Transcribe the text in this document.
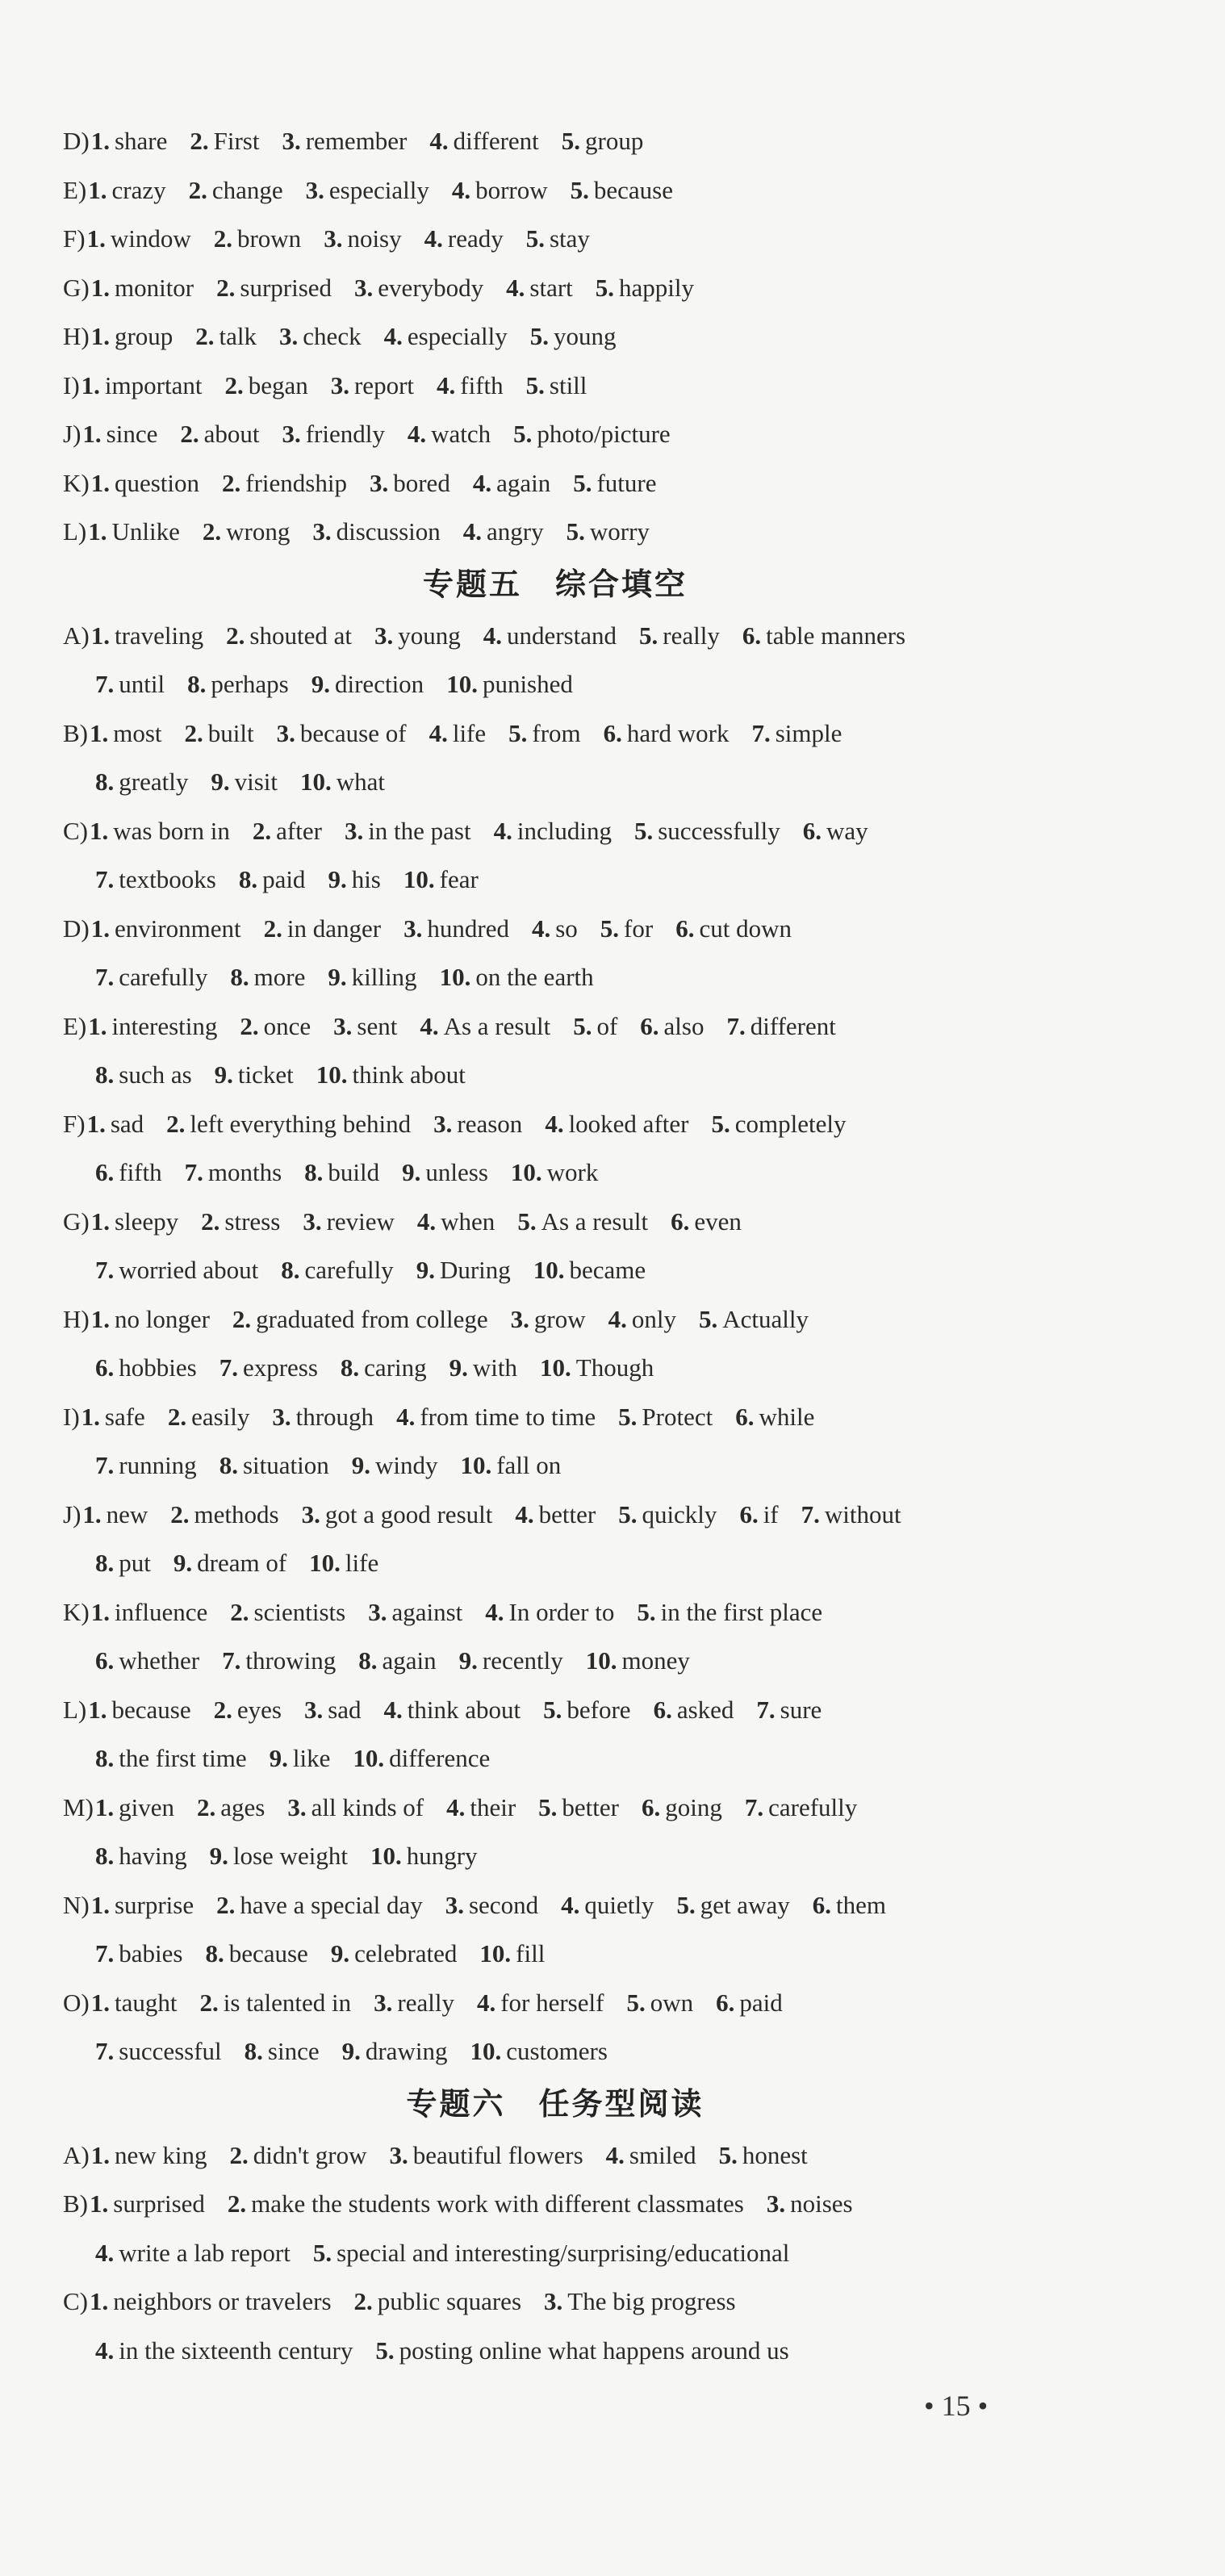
D)1. share 2. First 3. remember 4. different 5. group
E)1. crazy 2. change 3. especially 4. borrow 5. because
F)1. window 2. brown 3. noisy 4. ready 5. stay
G)1. monitor 2. surprised 3. everybody 4. start 5. happily
H)1. group 2. talk 3. check 4. especially 5. young
I)1. important 2. began 3. report 4. fifth 5. still
J)1. since 2. about 3. friendly 4. watch 5. photo/picture
K)1. question 2. friendship 3. bored 4. again 5. future
L)1. Unlike 2. wrong 3. discussion 4. angry 5. worry
专题五　综合填空
A)1. traveling 2. shouted at 3. young 4. understand 5. really 6. table manners
7. until 8. perhaps 9. direction 10. punished
B)1. most 2. built 3. because of 4. life 5. from 6. hard work 7. simple
8. greatly 9. visit 10. what
C)1. was born in 2. after 3. in the past 4. including 5. successfully 6. way
7. textbooks 8. paid 9. his 10. fear
D)1. environment 2. in danger 3. hundred 4. so 5. for 6. cut down
7. carefully 8. more 9. killing 10. on the earth
E)1. interesting 2. once 3. sent 4. As a result 5. of 6. also 7. different
8. such as 9. ticket 10. think about
F)1. sad 2. left everything behind 3. reason 4. looked after 5. completely
6. fifth 7. months 8. build 9. unless 10. work
G)1. sleepy 2. stress 3. review 4. when 5. As a result 6. even
7. worried about 8. carefully 9. During 10. became
H)1. no longer 2. graduated from college 3. grow 4. only 5. Actually
6. hobbies 7. express 8. caring 9. with 10. Though
I)1. safe 2. easily 3. through 4. from time to time 5. Protect 6. while
7. running 8. situation 9. windy 10. fall on
J)1. new 2. methods 3. got a good result 4. better 5. quickly 6. if 7. without
8. put 9. dream of 10. life
K)1. influence 2. scientists 3. against 4. In order to 5. in the first place
6. whether 7. throwing 8. again 9. recently 10. money
L)1. because 2. eyes 3. sad 4. think about 5. before 6. asked 7. sure
8. the first time 9. like 10. difference
M)1. given 2. ages 3. all kinds of 4. their 5. better 6. going 7. carefully
8. having 9. lose weight 10. hungry
N)1. surprise 2. have a special day 3. second 4. quietly 5. get away 6. them
7. babies 8. because 9. celebrated 10. fill
O)1. taught 2. is talented in 3. really 4. for herself 5. own 6. paid
7. successful 8. since 9. drawing 10. customers
专题六　任务型阅读
A)1. new king 2. didn't grow 3. beautiful flowers 4. smiled 5. honest
B)1. surprised 2. make the students work with different classmates 3. noises
4. write a lab report 5. special and interesting/surprising/educational
C)1. neighbors or travelers 2. public squares 3. The big progress
4. in the sixteenth century 5. posting online what happens around us
• 15 •
